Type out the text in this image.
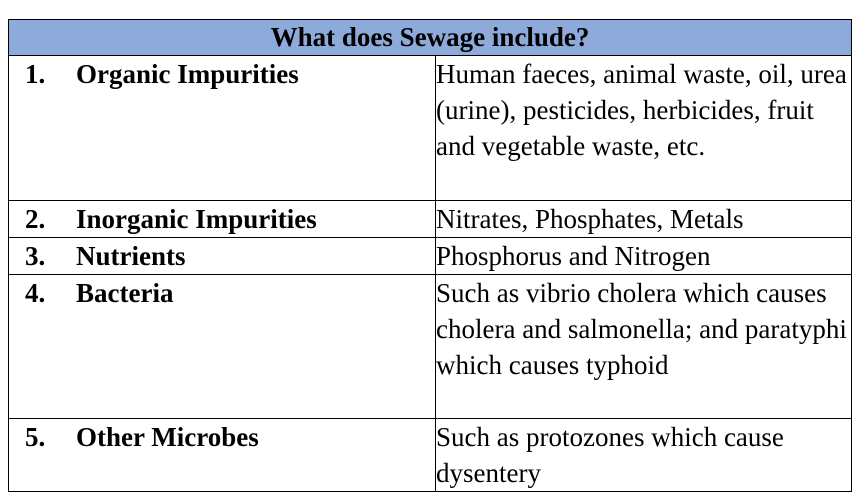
What does Sewage include?	

1. Organic Impurities	Human faeces, animal waste, oil, urea (urine), pesticides, herbicides, fruit and vegetable waste, etc.

2. Inorganic Impurities	Nitrates, Phosphates, Metals

3. Nutrients	Phosphorus and Nitrogen

4. Bacteria	Such as vibrio cholera which causes cholera and salmonella; and paratyphi which causes typhoid

5. Other Microbes	Such as protozones which cause dysentery
